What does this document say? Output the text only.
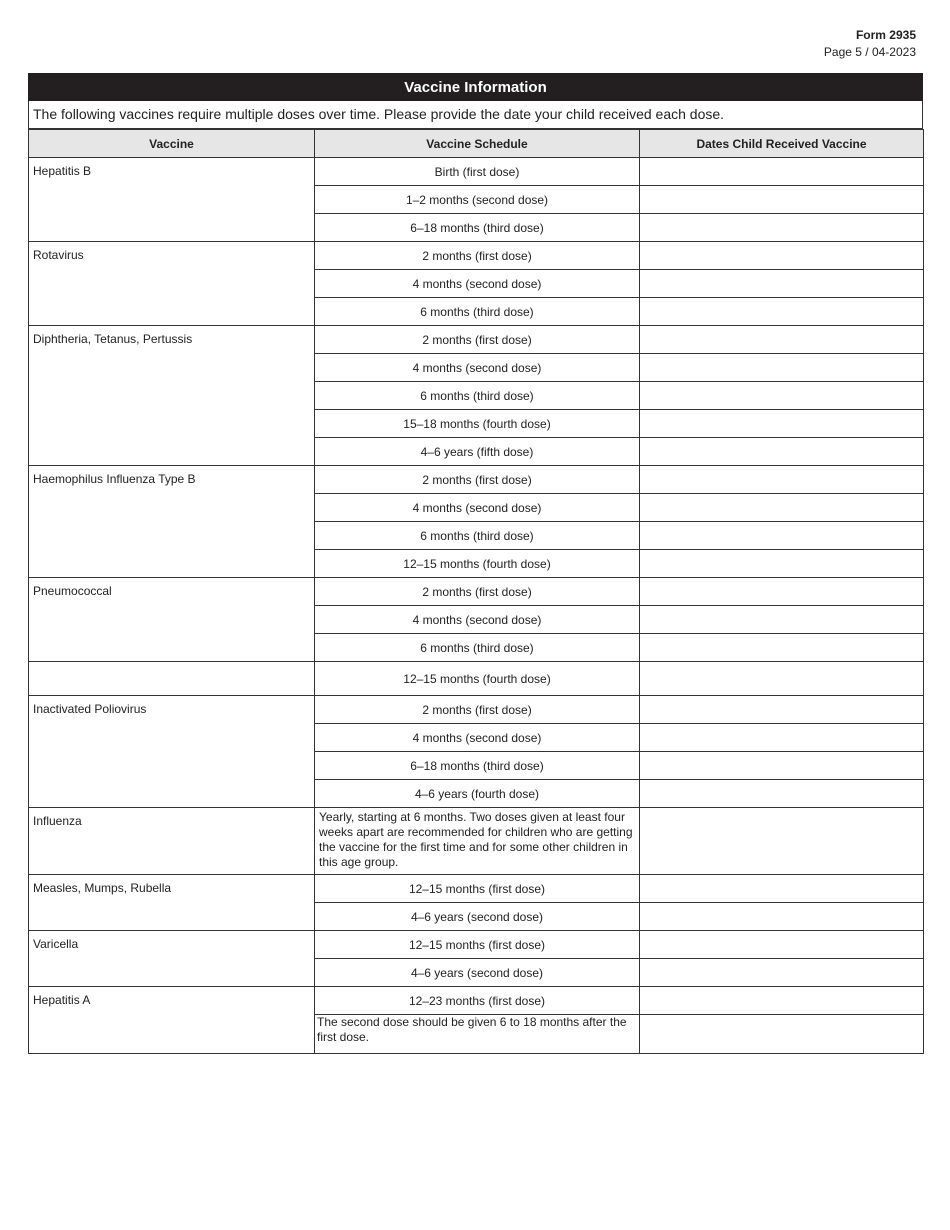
Form 2935
Page 5 / 04-2023
Vaccine Information
The following vaccines require multiple doses over time. Please provide the date your child received each dose.
Vaccine	Vaccine Schedule	Dates Child Received Vaccine
Hepatitis B	Birth (first dose)	
	1–2 months (second dose)	
	6–18 months (third dose)	
Rotavirus	2 months (first dose)	
	4 months (second dose)	
	6 months (third dose)	
Diphtheria, Tetanus, Pertussis	2 months (first dose)	
	4 months (second dose)	
	6 months (third dose)	
	15–18 months (fourth dose)	
	4–6 years (fifth dose)	
Haemophilus Influenza Type B	2 months (first dose)	
	4 months (second dose)	
	6 months (third dose)	
	12–15 months (fourth dose)	
Pneumococcal	2 months (first dose)	
	4 months (second dose)	
	6 months (third dose)	
	12–15 months (fourth dose)	
Inactivated Poliovirus	2 months (first dose)	
	4 months (second dose)	
	6–18 months (third dose)	
	4–6 years (fourth dose)	
Influenza	Yearly, starting at 6 months. Two doses given at least four weeks apart are recommended for children who are getting the vaccine for the first time and for some other children in this age group.	
Measles, Mumps, Rubella	12–15 months (first dose)	
	4–6 years (second dose)	
Varicella	12–15 months (first dose)	
	4–6 years (second dose)	
Hepatitis A	12–23 months (first dose)	
	The second dose should be given 6 to 18 months after the first dose.	
